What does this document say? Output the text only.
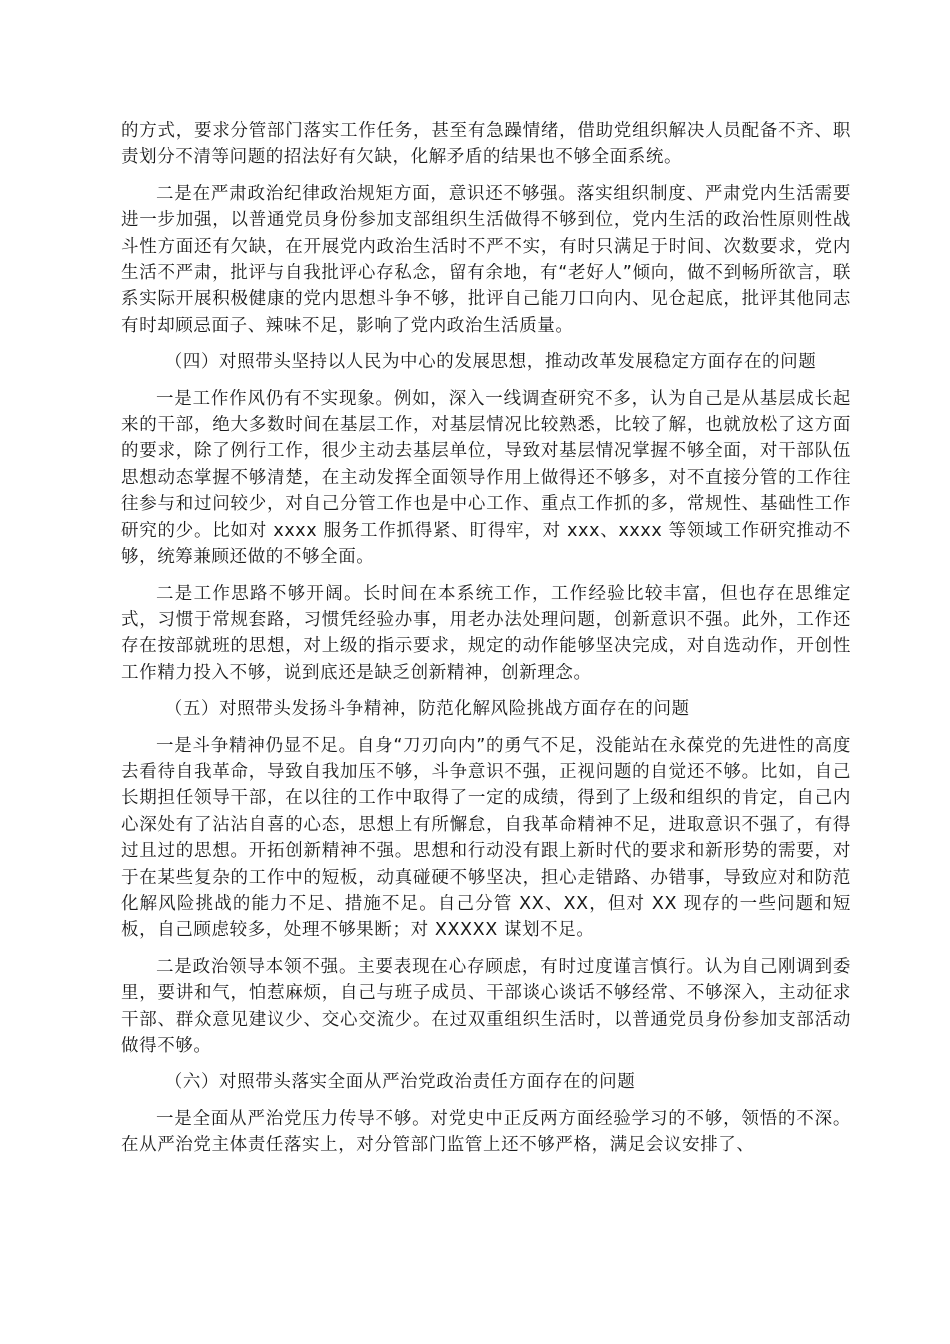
的方式，要求分管部门落实工作任务，甚至有急躁情绪，借助党组织解决人员配备不齐、职责划分不清等问题的招法好有欠缺，化解矛盾的结果也不够全面系统。

二是在严肃政治纪律政治规矩方面，意识还不够强。落实组织制度、严肃党内生活需要进一步加强，以普通党员身份参加支部组织生活做得不够到位，党内生活的政治性原则性战斗性方面还有欠缺，在开展党内政治生活时不严不实，有时只满足于时间、次数要求，党内生活不严肃，批评与自我批评心存私念，留有余地，有“老好人”倾向，做不到畅所欲言，联系实际开展积极健康的党内思想斗争不够，批评自己能刀口向内、见仓起底，批评其他同志有时却顾忌面子、辣味不足，影响了党内政治生活质量。

（四）对照带头坚持以人民为中心的发展思想，推动改革发展稳定方面存在的问题

一是工作作风仍有不实现象。例如，深入一线调查研究不多，认为自己是从基层成长起来的干部，绝大多数时间在基层工作，对基层情况比较熟悉，比较了解，也就放松了这方面的要求，除了例行工作，很少主动去基层单位，导致对基层情况掌握不够全面，对干部队伍思想动态掌握不够清楚，在主动发挥全面领导作用上做得还不够多，对不直接分管的工作往往参与和过问较少，对自己分管工作也是中心工作、重点工作抓的多，常规性、基础性工作研究的少。比如对 xxxx 服务工作抓得紧、盯得牢，对 xxx、xxxx 等领域工作研究推动不够，统筹兼顾还做的不够全面。

二是工作思路不够开阔。长时间在本系统工作，工作经验比较丰富，但也存在思维定式，习惯于常规套路，习惯凭经验办事，用老办法处理问题，创新意识不强。此外，工作还存在按部就班的思想，对上级的指示要求，规定的动作能够坚决完成，对自选动作，开创性工作精力投入不够，说到底还是缺乏创新精神，创新理念。

（五）对照带头发扬斗争精神，防范化解风险挑战方面存在的问题

一是斗争精神仍显不足。自身“刀刃向内”的勇气不足，没能站在永葆党的先进性的高度去看待自我革命，导致自我加压不够，斗争意识不强，正视问题的自觉还不够。比如，自己长期担任领导干部，在以往的工作中取得了一定的成绩，得到了上级和组织的肯定，自己内心深处有了沾沾自喜的心态，思想上有所懈怠，自我革命精神不足，进取意识不强了，有得过且过的思想。开拓创新精神不强。思想和行动没有跟上新时代的要求和新形势的需要，对于在某些复杂的工作中的短板，动真碰硬不够坚决，担心走错路、办错事，导致应对和防范化解风险挑战的能力不足、措施不足。自己分管 XX、XX，但对 XX 现存的一些问题和短板，自己顾虑较多，处理不够果断；对 XXXXX 谋划不足。

二是政治领导本领不强。主要表现在心存顾虑，有时过度谨言慎行。认为自己刚调到委里，要讲和气，怕惹麻烦，自己与班子成员、干部谈心谈话不够经常、不够深入，主动征求干部、群众意见建议少、交心交流少。在过双重组织生活时，以普通党员身份参加支部活动做得不够。

（六）对照带头落实全面从严治党政治责任方面存在的问题

一是全面从严治党压力传导不够。对党史中正反两方面经验学习的不够，领悟的不深。在从严治党主体责任落实上，对分管部门监管上还不够严格，满足会议安排了、
